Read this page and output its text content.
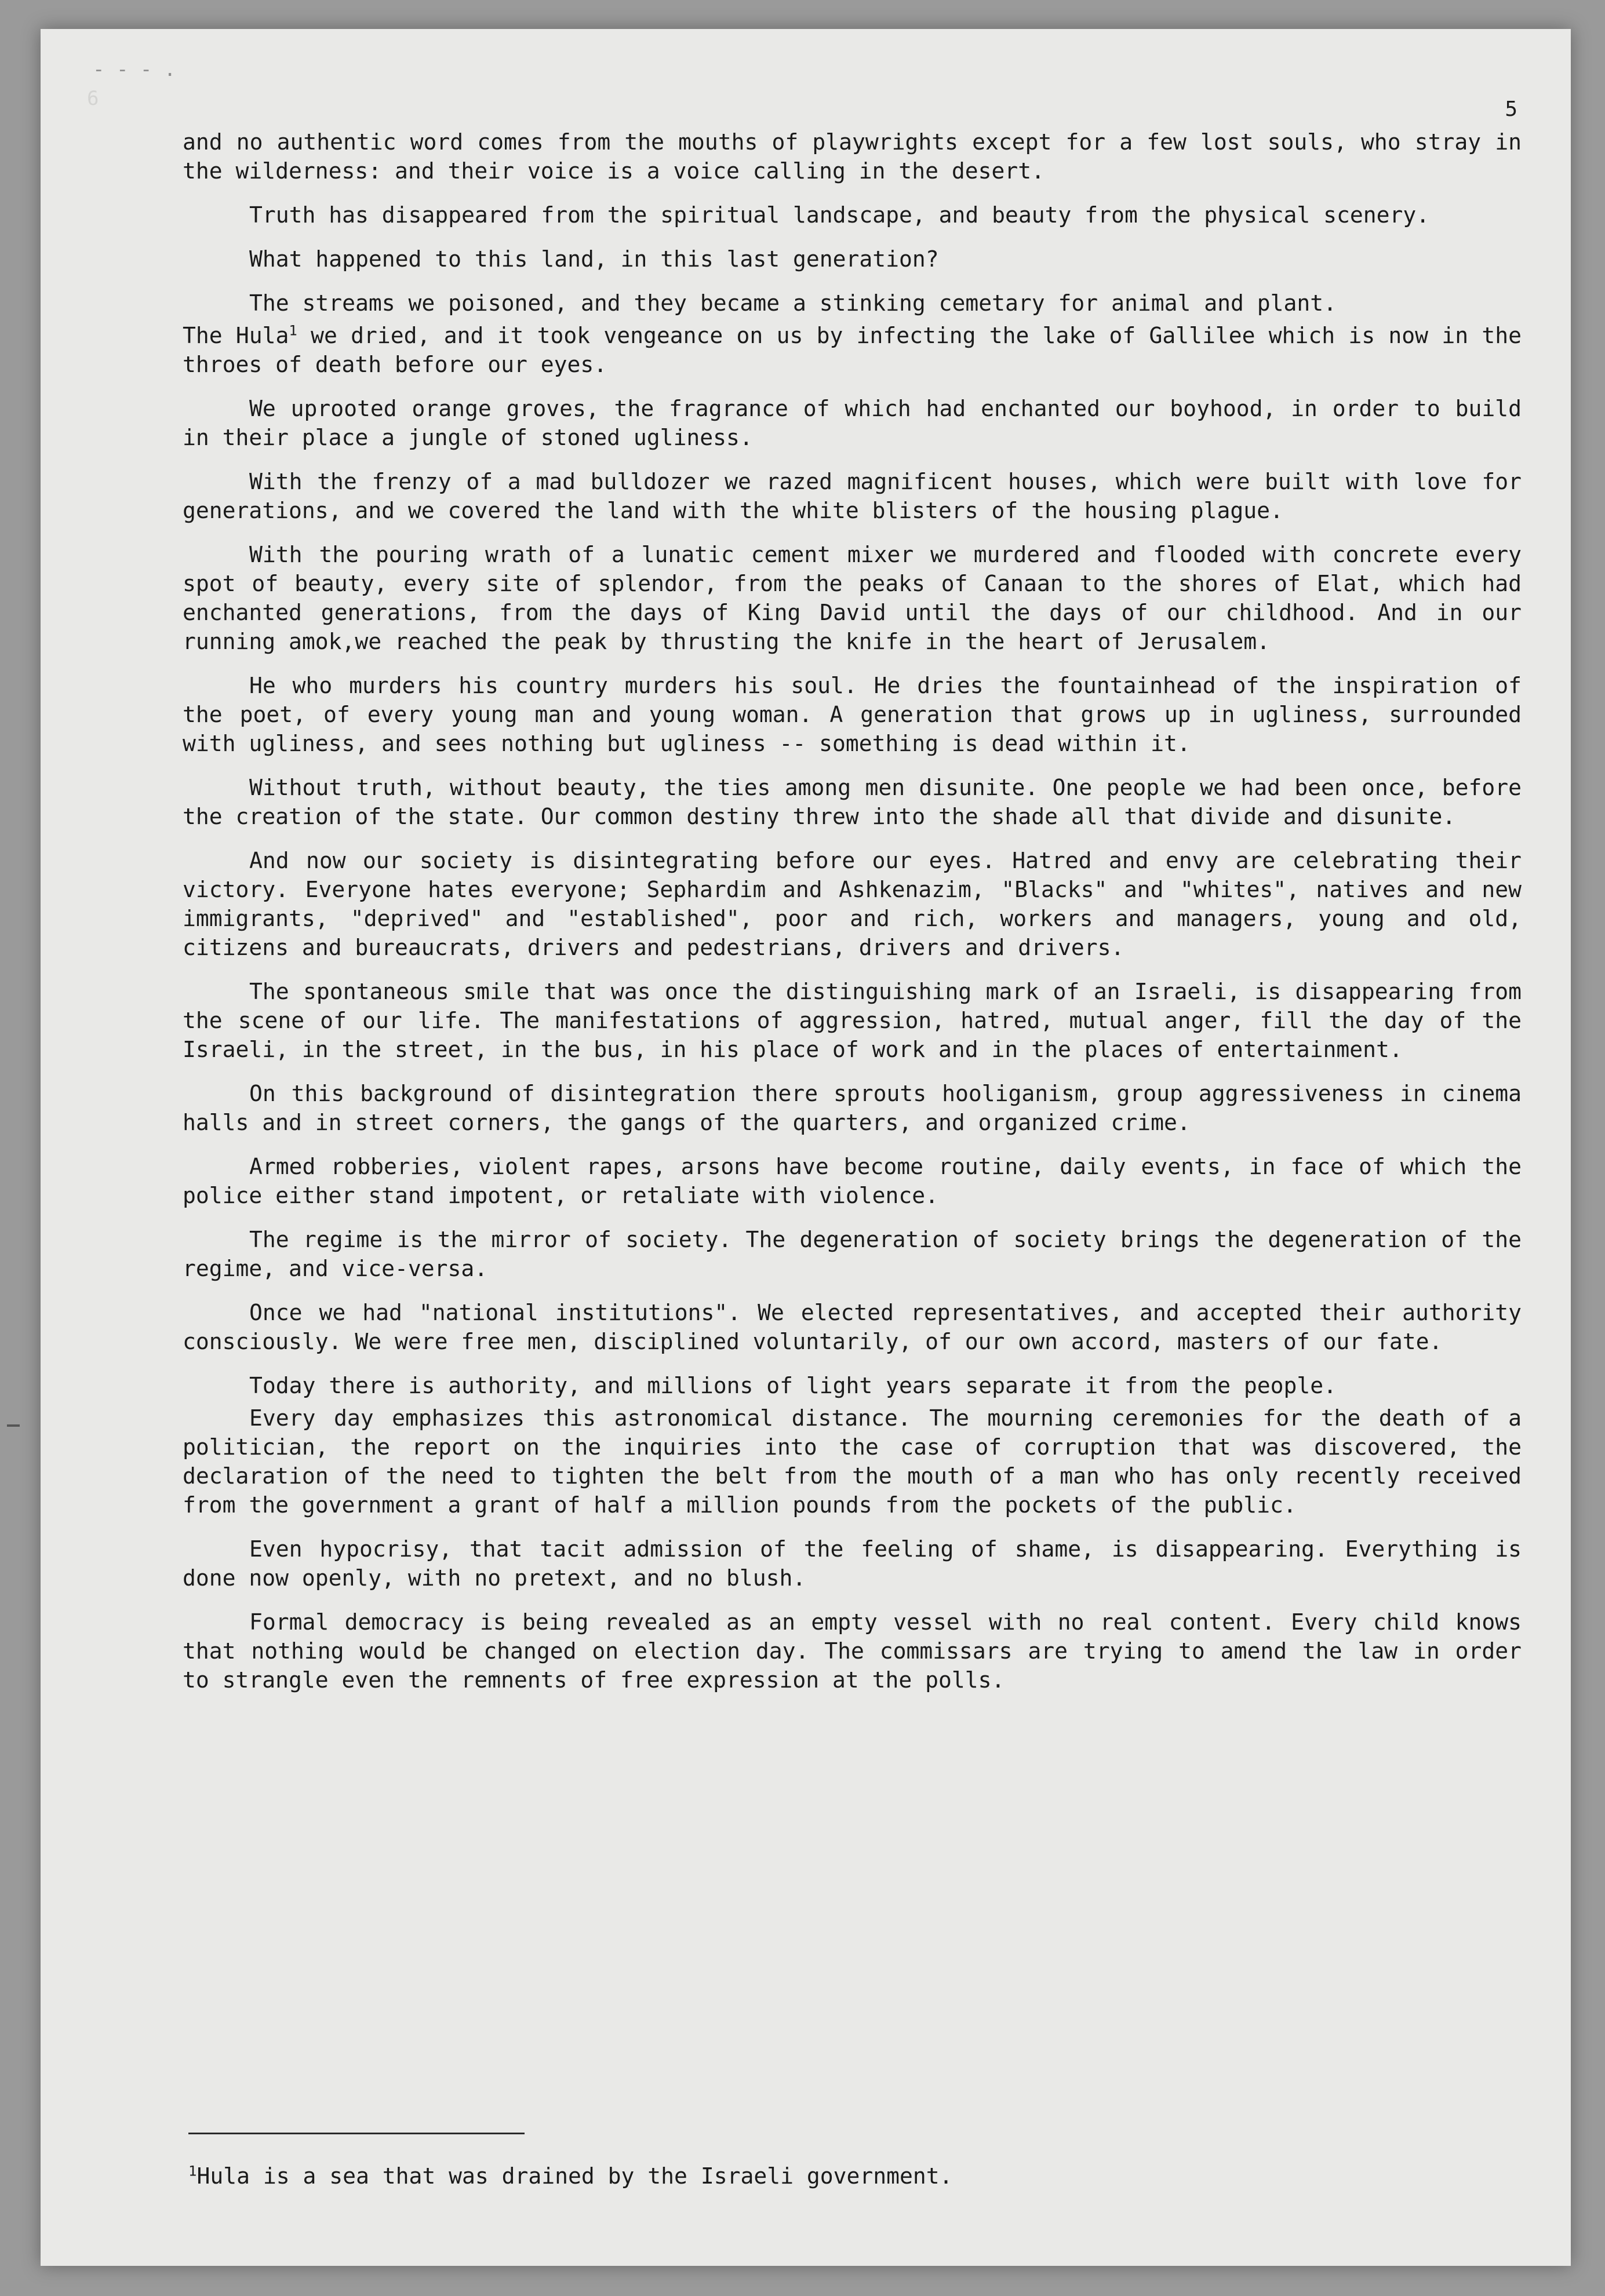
6
- - - .
5

and no authentic word comes from the mouths of playwrights except for a few lost souls, who stray in the wilderness: and their voice is a voice calling in the desert.

Truth has disappeared from the spiritual landscape, and beauty from the physical scenery.

What happened to this land, in this last generation?

The streams we poisoned, and they became a stinking cemetary for animal and plant.

The Hula$^1$ we dried, and it took vengeance on us by infecting the lake of Gallilee which is now in the throes of death before our eyes.

We uprooted orange groves, the fragrance of which had enchanted our boyhood, in order to build in their place a jungle of stoned ugliness.

With the frenzy of a mad bulldozer we razed magnificent houses, which were built with love for generations, and we covered the land with the white blisters of the housing plague.

With the pouring wrath of a lunatic cement mixer we murdered and flooded with concrete every spot of beauty, every site of splendor, from the peaks of Canaan to the shores of Elat, which had enchanted generations, from the days of King David until the days of our childhood. And in our running amok,we reached the peak by thrusting the knife in the heart of Jerusalem.

He who murders his country murders his soul. He dries the fountainhead of the inspiration of the poet, of every young man and young woman. A generation that grows up in ugliness, surrounded with ugliness, and sees nothing but ugliness -- something is dead within it.

Without truth, without beauty, the ties among men disunite. One people we had been once, before the creation of the state. Our common destiny threw into the shade all that divide and disunite.

And now our society is disintegrating before our eyes. Hatred and envy are celebrating their victory. Everyone hates everyone; Sephardim and Ashkenazim, "Blacks" and "whites", natives and new immigrants, "deprived" and "established", poor and rich, workers and managers, young and old, citizens and bureaucrats, drivers and pedestrians, drivers and drivers.

The spontaneous smile that was once the distinguishing mark of an Israeli, is disappearing from the scene of our life. The manifestations of aggression, hatred, mutual anger, fill the day of the Israeli, in the street, in the bus, in his place of work and in the places of entertainment.

On this background of disintegration there sprouts hooliganism, group aggressiveness in cinema halls and in street corners, the gangs of the quarters, and organized crime.

Armed robberies, violent rapes, arsons have become routine, daily events, in face of which the police either stand impotent, or retaliate with violence.

The regime is the mirror of society. The degeneration of society brings the degeneration of the regime, and vice-versa.

Once we had "national institutions". We elected representatives, and accepted their authority consciously. We were free men, disciplined voluntarily, of our own accord, masters of our fate.

Today there is authority, and millions of light years separate it from the people.

Every day emphasizes this astronomical distance. The mourning ceremonies for the death of a politician, the report on the inquiries into the case of corruption that was discovered, the declaration of the need to tighten the belt from the mouth of a man who has only recently received from the government a grant of half a million pounds from the pockets of the public.

Even hypocrisy, that tacit admission of the feeling of shame, is disappearing. Everything is done now openly, with no pretext, and no blush.

Formal democracy is being revealed as an empty vessel with no real content. Every child knows that nothing would be changed on election day. The commissars are trying to amend the law in order to strangle even the remnents of free expression at the polls.

$^1$Hula is a sea that was drained by the Israeli government.
